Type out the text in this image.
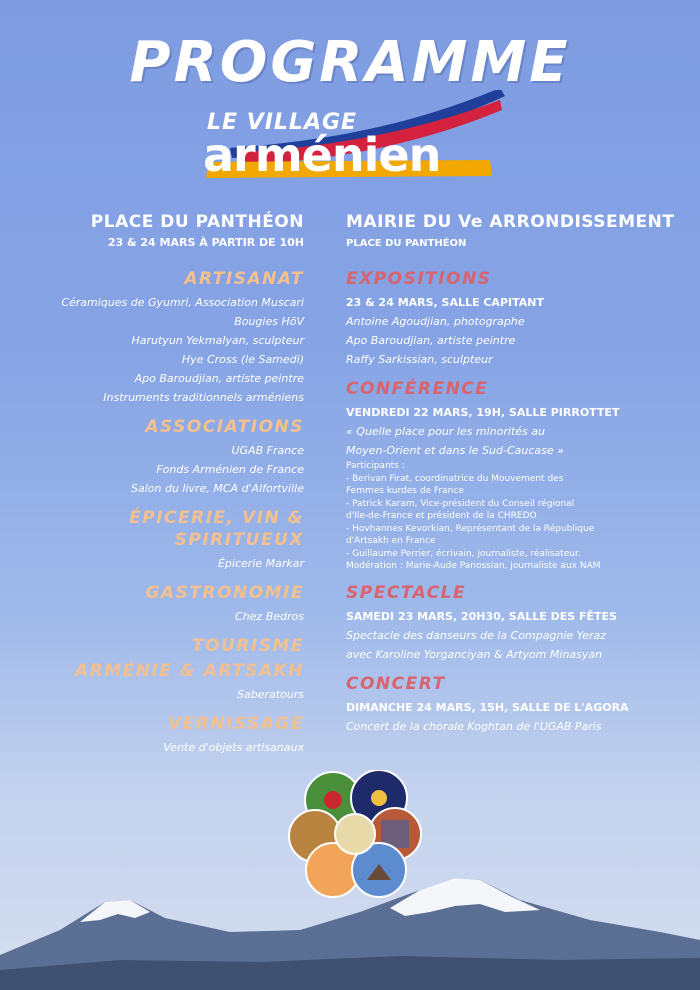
PROGRAMME
LE VILLAGE
arménien
PLACE DU PANTHÉON
23 & 24 MARS À PARTIR DE 10H
MAIRIE DU Ve ARRONDISSEMENT
PLACE DU PANTHÉON
ARTISANAT
Céramiques de Gyumri, Association Muscari
Bougies HōV
Harutyun Yekmalyan, sculpteur
Hye Cross (le Samedi)
Apo Baroudjian, artiste peintre
Instruments traditionnels arméniens
ASSOCIATIONS
UGAB France
Fonds Arménien de France
Salon du livre, MCA d'Alfortville
ÉPICERIE, VIN & SPIRITUEUX
Épicerie Markar
GASTRONOMIE
Chez Bedros
TOURISME
ARMÉNIE & ARTSAKH
Saberatours
VERNISSAGE
Vente d'objets artisanaux
EXPOSITIONS
23 & 24 MARS, SALLE CAPITANT
Antoine Agoudjian, photographe
Apo Baroudjian, artiste peintre
Raffy Sarkissian, sculpteur
CONFÉRENCE
VENDREDI 22 MARS, 19H, SALLE PIRROTTET
« Quelle place pour les minorités au
Moyen-Orient et dans le Sud-Caucase »
Participants :
- Berivan Firat, coordinatrice du Mouvement des
Femmes kurdes de France
- Patrick Karam, Vice-président du Conseil régional
d'Ile-de-France et président de la CHREDO
- Hovhannes Kevorkian, Représentant de la République
d'Artsakh en France
- Guillaume Perrier, écrivain, journaliste, réalisateur.
Modération : Marie-Aude Panossian, journaliste aux NAM
SPECTACLE
SAMEDI 23 MARS, 20H30, SALLE DES FÊTES
Spectacle des danseurs de la Compagnie Yeraz
avec Karoline Yorganciyan & Artyom Minasyan
CONCERT
DIMANCHE 24 MARS, 15H, SALLE DE L'AGORA
Concert de la chorale Koghtan de l'UGAB Paris
